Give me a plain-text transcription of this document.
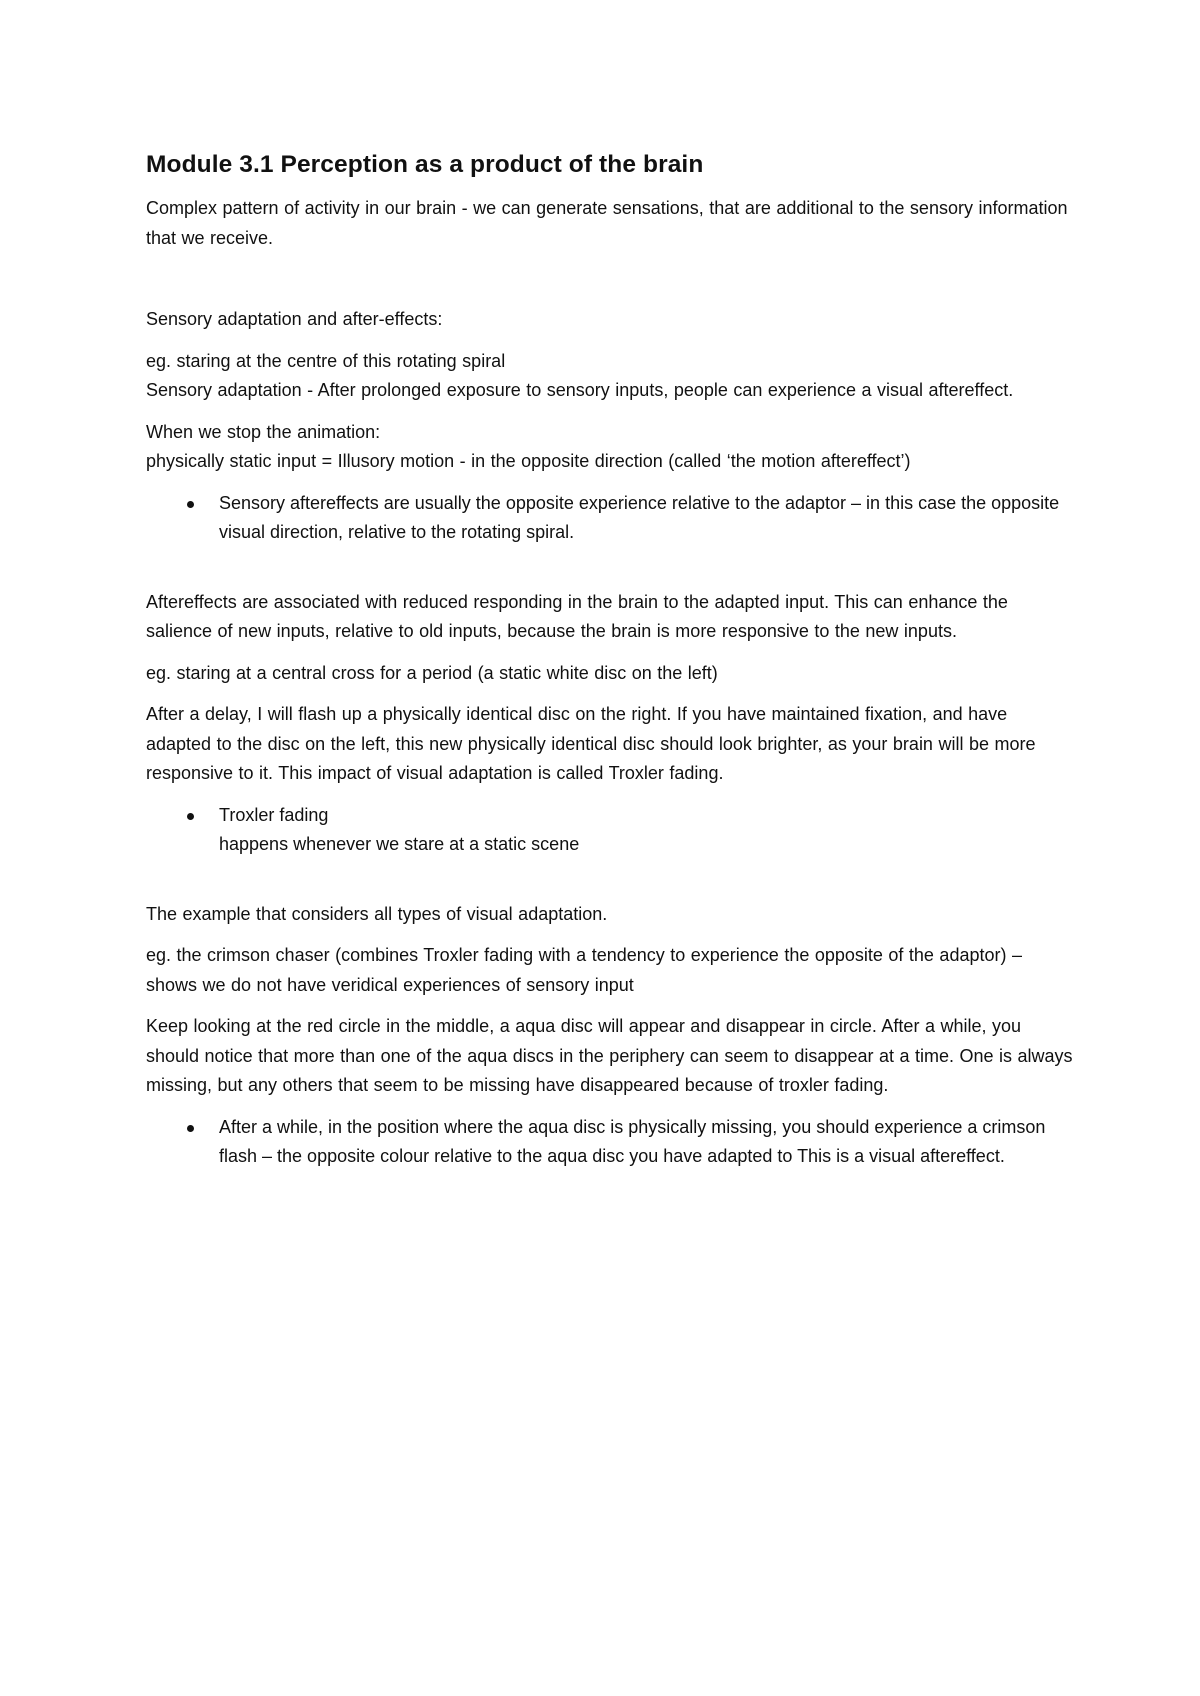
Module 3.1 Perception as a product of the brain
Complex pattern of activity in our brain - we can generate sensations, that are additional to the sensory information that we receive.
Sensory adaptation and after-effects:
eg. staring at the centre of this rotating spiral
Sensory adaptation - After prolonged exposure to sensory inputs, people can experience a visual aftereffect.
When we stop the animation:
physically static input = Illusory motion - in the opposite direction (called ‘the motion aftereffect’)
Sensory aftereffects are usually the opposite experience relative to the adaptor – in this case the opposite visual direction, relative to the rotating spiral.
Aftereffects are associated with reduced responding in the brain to the adapted input. This can enhance the salience of new inputs, relative to old inputs, because the brain is more responsive to the new inputs.
eg. staring at a central cross for a period (a static white disc on the left)
After a delay, I will flash up a physically identical disc on the right. If you have maintained fixation, and have adapted to the disc on the left, this new physically identical disc should look brighter, as your brain will be more responsive to it. This impact of visual adaptation is called Troxler fading.
Troxler fading
happens whenever we stare at a static scene
The example that considers all types of visual adaptation.
eg. the crimson chaser (combines Troxler fading with a tendency to experience the opposite of the adaptor) – shows we do not have veridical experiences of sensory input
Keep looking at the red circle in the middle, a aqua disc will appear and disappear in circle. After a while, you should notice that more than one of the aqua discs in the periphery can seem to disappear at a time. One is always missing, but any others that seem to be missing have disappeared because of troxler fading.
After a while, in the position where the aqua disc is physically missing, you should experience a crimson flash – the opposite colour relative to the aqua disc you have adapted to This is a visual aftereffect.
